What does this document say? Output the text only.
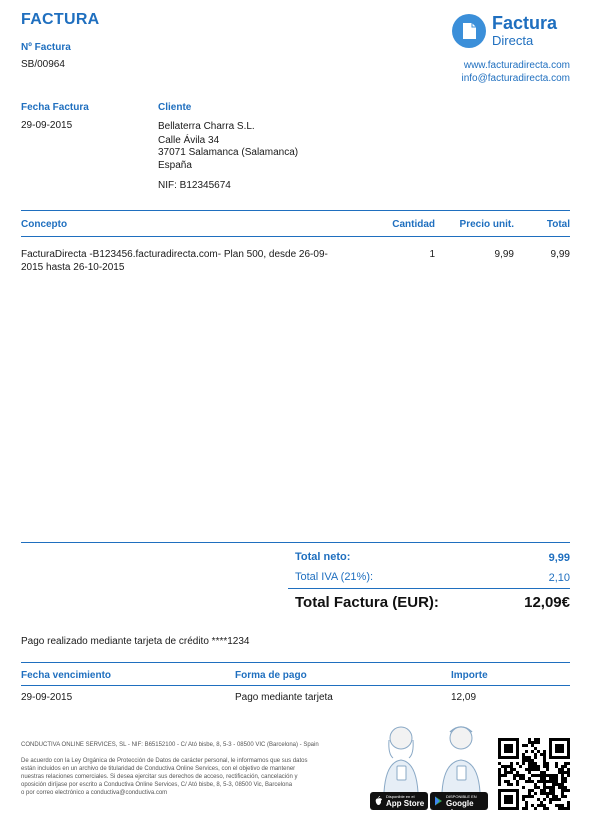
FACTURA
Nº Factura
SB/00964
Factura
Directa
www.facturadirecta.com
info@facturadirecta.com
Fecha Factura
29-09-2015
Cliente
Bellaterra Charra S.L.
Calle Ávila 34
37071 Salamanca (Salamanca)
España
NIF: B12345674
Concepto	Cantidad Precio unit.	Total
FacturaDirecta -B123456.facturadirecta.com- Plan 500, desde 26-09-
2015 hasta 26-10-2015
1	9,99	9,99
Total neto:	9,99
Total IVA (21%):	2,10
Total Factura (EUR):	12,09€
Pago realizado mediante tarjeta de crédito ****1234
Fecha vencimiento	Forma de pago	Importe
29-09-2015	Pago mediante tarjeta	12,09
CONDUCTIVA ONLINE SERVICES, SL - NIF: B65152100 - C/ Ató bisbe, 8, 5-3 - 08500 VIC (Barcelona) - Spain
De acuerdo con la Ley Orgánica de Protección de Datos de carácter personal, le informamos que sus datos
están incluidos en un archivo de titularidad de Conductiva Online Services, con el objetivo de mantener
nuestras relaciones comerciales. Si desea ejercitar sus derechos de acceso, rectificación, cancelación y
oposición diríjase por escrito a Conductiva Online Services, C/ Ató bisbe, 8, 5-3, 08500 Vic, Barcelona
o por correo electrónico a conductiva@conductiva.com
Disponible en el
App Store
DISPONIBLE EN
Google play
